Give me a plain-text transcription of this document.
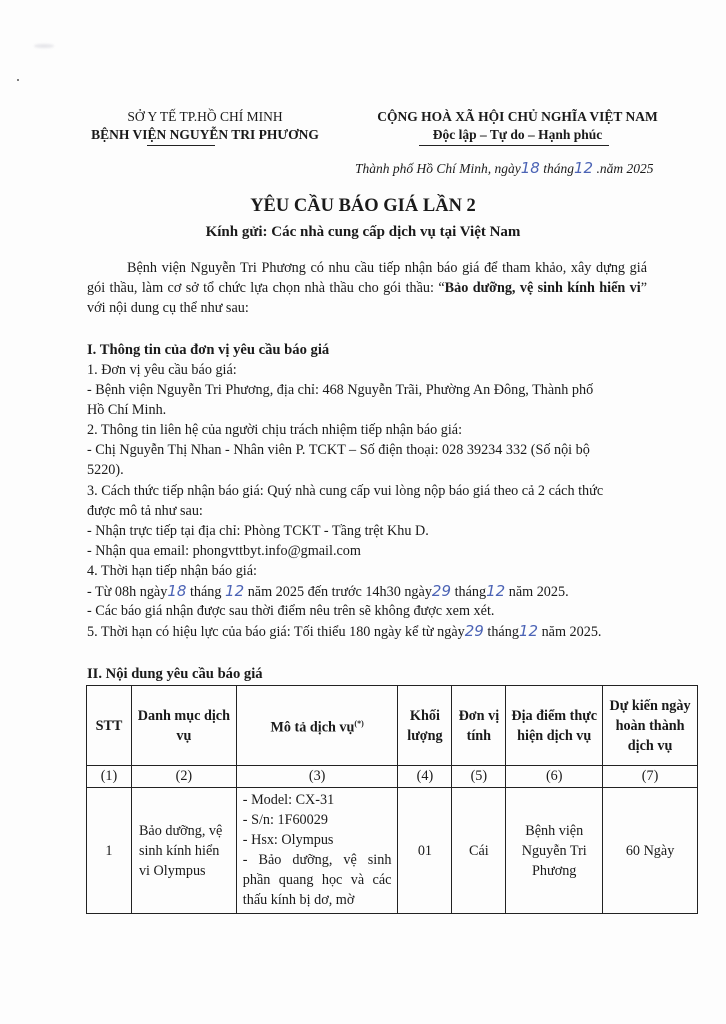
SỞ Y TẾ TP.HỒ CHÍ MINH
BỆNH VIỆN NGUYỄN TRI PHƯƠNG
CỘNG HOÀ XÃ HỘI CHỦ NGHĨA VIỆT NAM
Độc lập – Tự do – Hạnh phúc
Thành phố Hồ Chí Minh, ngày18 tháng12 .năm 2025
YÊU CẦU BÁO GIÁ LẦN 2
Kính gửi: Các nhà cung cấp dịch vụ tại Việt Nam
Bệnh viện Nguyễn Tri Phương có nhu cầu tiếp nhận báo giá để tham khảo, xây dựng giá gói thầu, làm cơ sở tổ chức lựa chọn nhà thầu cho gói thầu: “Bảo dưỡng, vệ sinh kính hiển vi” với nội dung cụ thể như sau:
I. Thông tin của đơn vị yêu cầu báo giá
1. Đơn vị yêu cầu báo giá:
- Bệnh viện Nguyễn Tri Phương, địa chỉ: 468 Nguyễn Trãi, Phường An Đông, Thành phố
Hồ Chí Minh.
2. Thông tin liên hệ của người chịu trách nhiệm tiếp nhận báo giá:
- Chị Nguyễn Thị Nhan - Nhân viên P. TCKT – Số điện thoại: 028 39234 332 (Số nội bộ
5220).
3. Cách thức tiếp nhận báo giá: Quý nhà cung cấp vui lòng nộp báo giá theo cả 2 cách thức
được mô tả như sau:
- Nhận trực tiếp tại địa chỉ: Phòng TCKT - Tầng trệt Khu D.
- Nhận qua email: phongvttbyt.info@gmail.com
4. Thời hạn tiếp nhận báo giá:
- Từ 08h ngày18 tháng 12 năm 2025 đến trước 14h30 ngày29 tháng12 năm 2025.
- Các báo giá nhận được sau thời điểm nêu trên sẽ không được xem xét.
5. Thời hạn có hiệu lực của báo giá: Tối thiểu 180 ngày kể từ ngày29 tháng12 năm 2025.
II. Nội dung yêu cầu báo giá
STT	Danh mục dịch vụ	Mô tả dịch vụ(*)	Khối lượng	Đơn vị tính	Địa điểm thực hiện dịch vụ	Dự kiến ngày hoàn thành dịch vụ
(1)	(2)	(3)	(4)	(5)	(6)	(7)
1	Bảo dưỡng, vệ sinh kính hiển vi Olympus	- Model: CX-31
- S/n: 1F60029
- Hsx: Olympus
- Bảo dưỡng, vệ sinh phần quang học và các thấu kính bị dơ, mờ	01	Cái	Bệnh viện Nguyễn Tri Phương	60 Ngày
